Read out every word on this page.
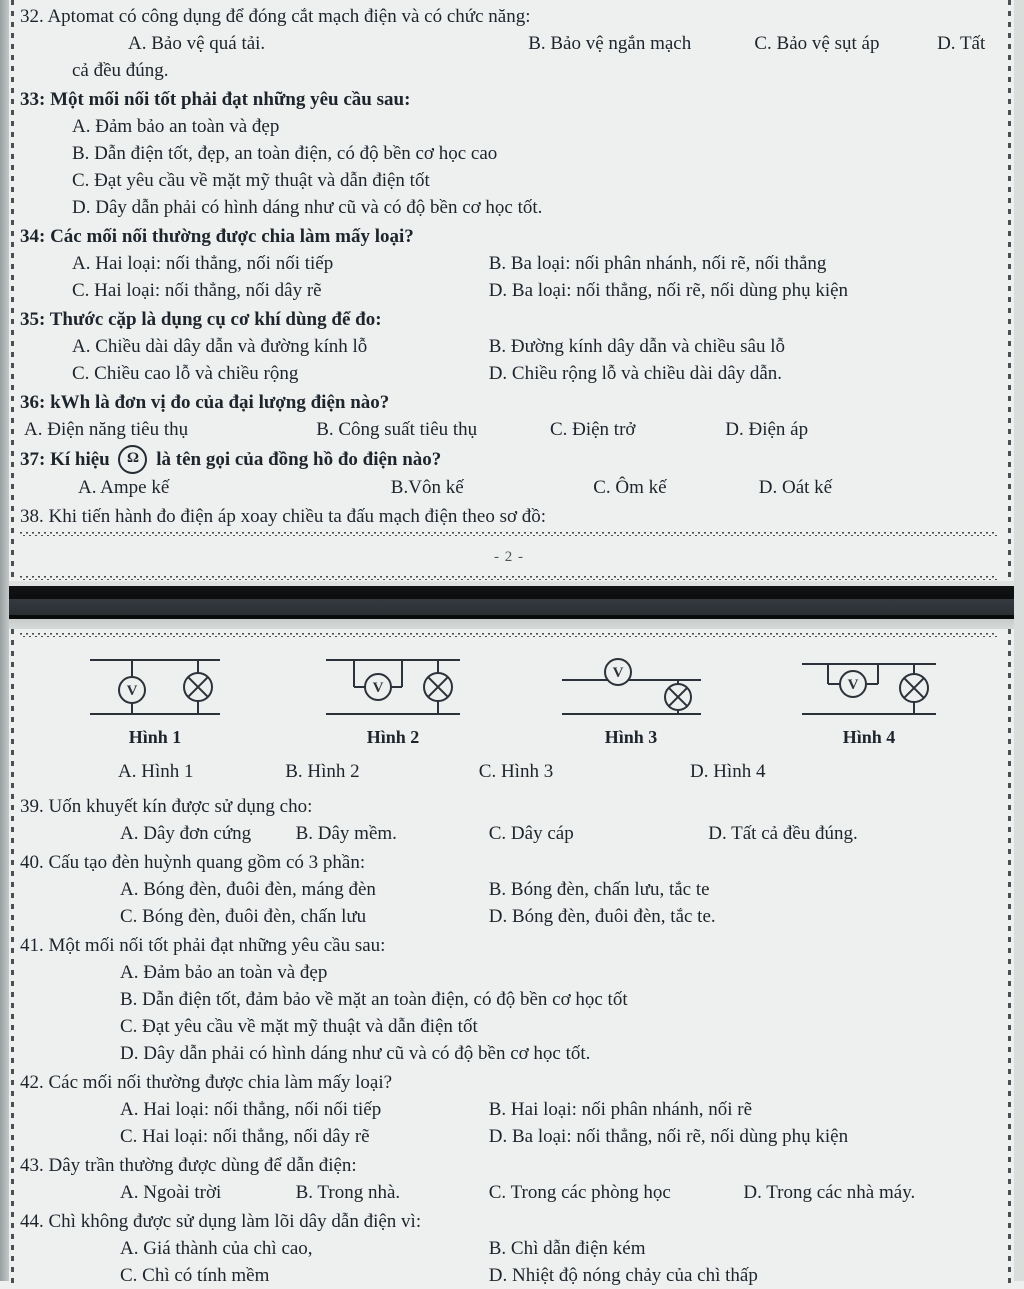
32. Aptomat có công dụng để đóng cắt mạch điện và có chức năng:
A. Bảo vệ quá tải.	B. Bảo vệ ngắn mạch	C. Bảo vệ sụt áp	D. Tất
cả đều đúng.
33: Một mối nối tốt phải đạt những yêu cầu sau:
A. Đảm bảo an toàn và đẹp
B. Dẫn điện tốt, đẹp, an toàn điện, có độ bền cơ học cao
C. Đạt yêu cầu về mặt mỹ thuật và dẫn điện tốt
D. Dây dẫn phải có hình dáng như cũ và có độ bền cơ học tốt.
34: Các mối nối thường được chia làm mấy loại?
A. Hai loại: nối thẳng, nối nối tiếp	B. Ba loại: nối phân nhánh, nối rẽ, nối thẳng
C. Hai loại: nối thẳng, nối dây rẽ	D. Ba loại: nối thẳng, nối rẽ, nối dùng phụ kiện
35: Thước cặp là dụng cụ cơ khí dùng để đo:
A. Chiều dài dây dẫn và đường kính lỗ	B. Đường kính dây dẫn và chiều sâu lỗ
C. Chiều cao lỗ và chiều rộng	D. Chiều rộng lỗ và chiều dài dây dẫn.
36: kWh là đơn vị đo của đại lượng điện nào?
A. Điện năng tiêu thụ	B. Công suất tiêu thụ	C. Điện trở	D. Điện áp
37: Kí hiệu Ω là tên gọi của đồng hồ đo điện nào?
A. Ampe kế	B.Vôn kế	C. Ôm kế	D. Oát kế
38. Khi tiến hành đo điện áp xoay chiều ta đấu mạch điện theo sơ đồ:
- 2 -
V
Hình 1
V
Hình 2
V
Hình 3
V
Hình 4
A. Hình 1	B. Hình 2	C. Hình 3	D. Hình 4
39. Uốn khuyết kín được sử dụng cho:
A. Dây đơn cứng	B. Dây mềm.	C. Dây cáp	D. Tất cả đều đúng.
40. Cấu tạo đèn huỳnh quang gồm có 3 phần:
A. Bóng đèn, đuôi đèn, máng đèn	B. Bóng đèn, chấn lưu, tắc te
C. Bóng đèn, đuôi đèn, chấn lưu	D. Bóng đèn, đuôi đèn, tắc te.
41. Một mối nối tốt phải đạt những yêu cầu sau:
A. Đảm bảo an toàn và đẹp
B. Dẫn điện tốt, đảm bảo về mặt an toàn điện, có độ bền cơ học tốt
C. Đạt yêu cầu về mặt mỹ thuật và dẫn điện tốt
D. Dây dẫn phải có hình dáng như cũ và có độ bền cơ học tốt.
42. Các mối nối thường được chia làm mấy loại?
A. Hai loại: nối thẳng, nối nối tiếp	B. Hai loại: nối phân nhánh, nối rẽ
C. Hai loại: nối thẳng, nối dây rẽ	D. Ba loại: nối thẳng, nối rẽ, nối dùng phụ kiện
43. Dây trần thường được dùng để dẫn điện:
A. Ngoài trời	B. Trong nhà.	C. Trong các phòng học	D. Trong các nhà máy.
44. Chì không được sử dụng làm lõi dây dẫn điện vì:
A. Giá thành của chì cao,	B. Chì dẫn điện kém
C. Chì có tính mềm	D. Nhiệt độ nóng chảy của chì thấp
